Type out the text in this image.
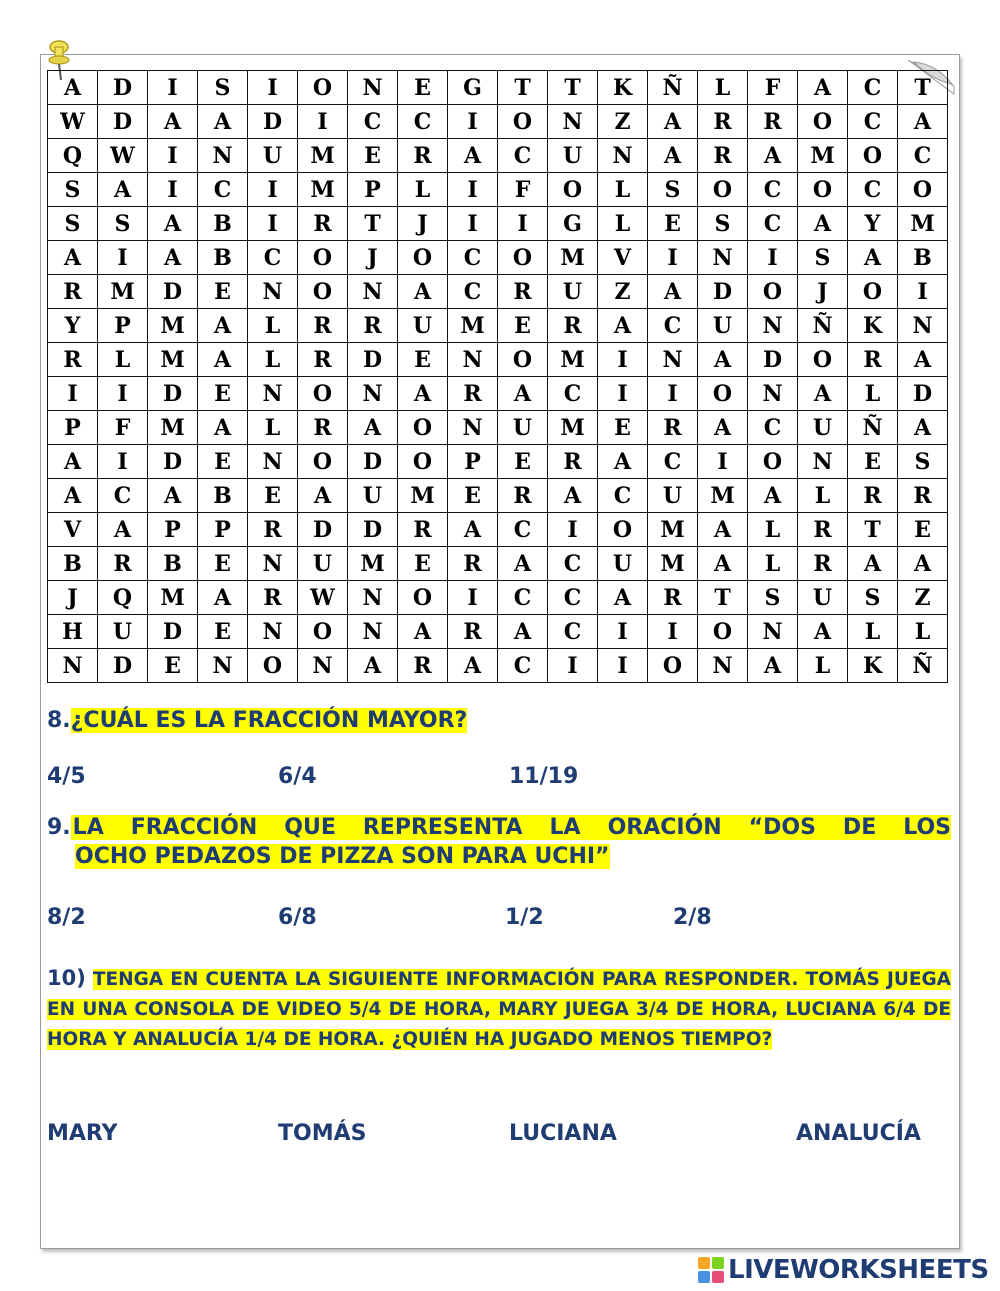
A	D	I	S	I	O	N	E	G	T	T	K	Ñ	L	F	A	C	T
W	D	A	A	D	I	C	C	I	O	N	Z	A	R	R	O	C	A
Q	W	I	N	U	M	E	R	A	C	U	N	A	R	A	M	O	C
S	A	I	C	I	M	P	L	I	F	O	L	S	O	C	O	C	O
S	S	A	B	I	R	T	J	I	I	G	L	E	S	C	A	Y	M
A	I	A	B	C	O	J	O	C	O	M	V	I	N	I	S	A	B
R	M	D	E	N	O	N	A	C	R	U	Z	A	D	O	J	O	I
Y	P	M	A	L	R	R	U	M	E	R	A	C	U	N	Ñ	K	N
R	L	M	A	L	R	D	E	N	O	M	I	N	A	D	O	R	A
I	I	D	E	N	O	N	A	R	A	C	I	I	O	N	A	L	D
P	F	M	A	L	R	A	O	N	U	M	E	R	A	C	U	Ñ	A
A	I	D	E	N	O	D	O	P	E	R	A	C	I	O	N	E	S
A	C	A	B	E	A	U	M	E	R	A	C	U	M	A	L	R	R
V	A	P	P	R	D	D	R	A	C	I	O	M	A	L	R	T	E
B	R	B	E	N	U	M	E	R	A	C	U	M	A	L	R	A	A
J	Q	M	A	R	W	N	O	I	C	C	A	R	T	S	U	S	Z
H	U	D	E	N	O	N	A	R	A	C	I	I	O	N	A	L	L
N	D	E	N	O	N	A	R	A	C	I	I	O	N	A	L	K	Ñ
8.¿CUÁL ES LA FRACCIÓN MAYOR?
4/5	6/4	11/19
9. LA FRACCIÓN QUE REPRESENTA LA ORACIÓN “DOS DE LOS
OCHO PEDAZOS DE PIZZA SON PARA UCHI”
8/2	6/8	1/2	2/8
10) TENGA EN CUENTA LA SIGUIENTE INFORMACIÓN PARA RESPONDER. TOMÁS JUEGA EN UNA CONSOLA DE VIDEO 5/4 DE HORA, MARY JUEGA 3/4 DE HORA, LUCIANA 6/4 DE HORA Y ANALUCÍA 1/4 DE HORA. ¿QUIÉN HA JUGADO MENOS TIEMPO?
MARY	TOMÁS	LUCIANA	ANALUCÍA
LIVEWORKSHEETS
